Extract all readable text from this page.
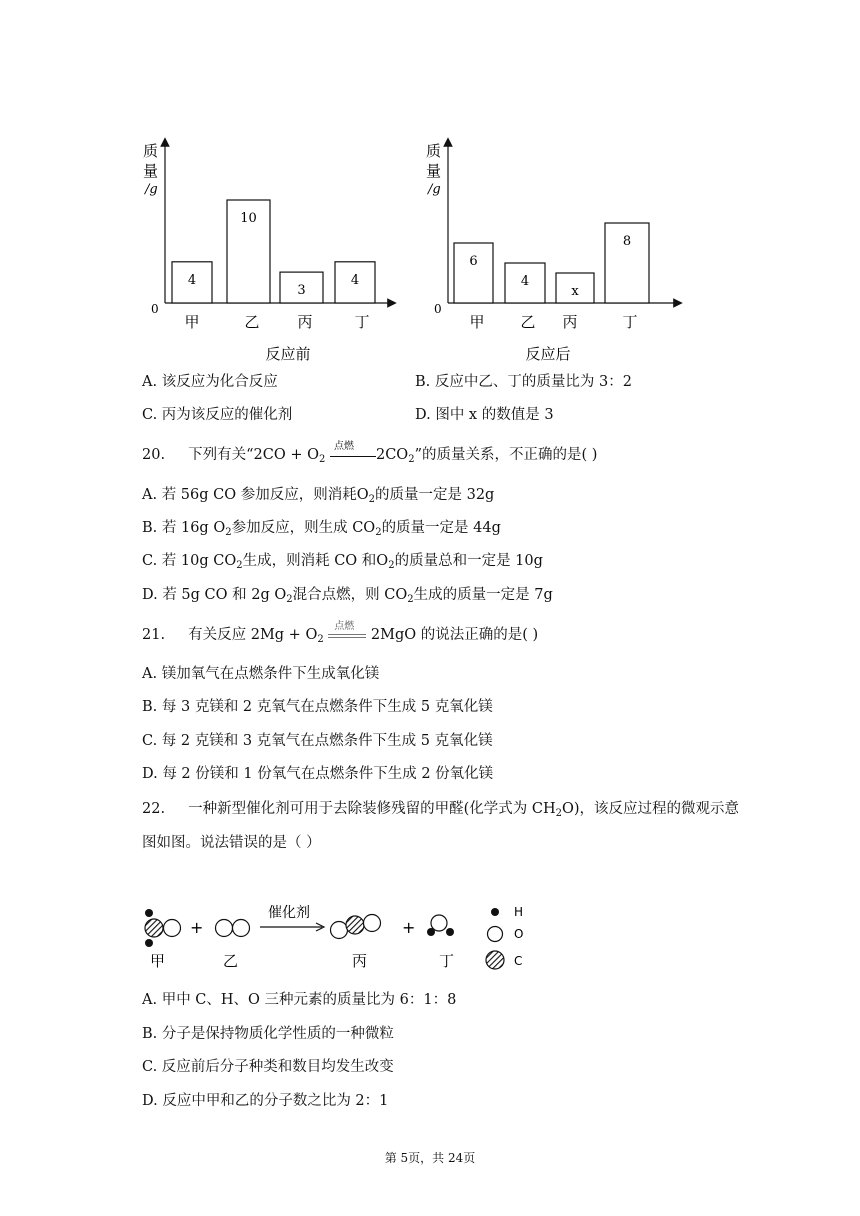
质
量
/g
0
4
甲
10
乙
3
丙
4
丁
反应前
质
量
/g
0
6
甲
4
乙
x
丙
8
丁
反应后
A. 该反应为化合反应	B. 反应中乙、丁的质量比为 3：2
C. 丙为该反应的催化剂	D. 图中 x 的数值是 3
20. 下列有关“$2CO + O_2$
点燃
$2CO_2$”的质量关系，不正确的是( )
A. 若 56g CO 参加反应，则消耗$O_2$的质量一定是 32g
B. 若 16g $O_2$参加反应，则生成 $CO_2$的质量一定是 44g
C. 若 10g $CO_2$生成，则消耗 CO 和$O_2$的质量总和一定是 10g
D. 若 5g CO 和 2g $O_2$混合点燃，则 $CO_2$生成的质量一定是 7g
21. 有关反应 $2Mg + O_2$
点燃
2MgO 的说法正确的是( )
A. 镁加氧气在点燃条件下生成氧化镁
B. 每 3 克镁和 2 克氧气在点燃条件下生成 5 克氧化镁
C. 每 2 克镁和 3 克氧气在点燃条件下生成 5 克氧化镁
D. 每 2 份镁和 1 份氧气在点燃条件下生成 2 份氧化镁
22. 一种新型催化剂可用于去除装修残留的甲醛(化学式为 $CH_2O$)，该反应过程的微观示意
图如图。说法错误的是（ ）
+
催化剂
+
H
O
C
甲	乙	丙	丁
A. 甲中 C、H、O 三种元素的质量比为 6：1：8
B. 分子是保持物质化学性质的一种微粒
C. 反应前后分子种类和数目均发生改变
D. 反应中甲和乙的分子数之比为 2：1
第 5页，共 24页
